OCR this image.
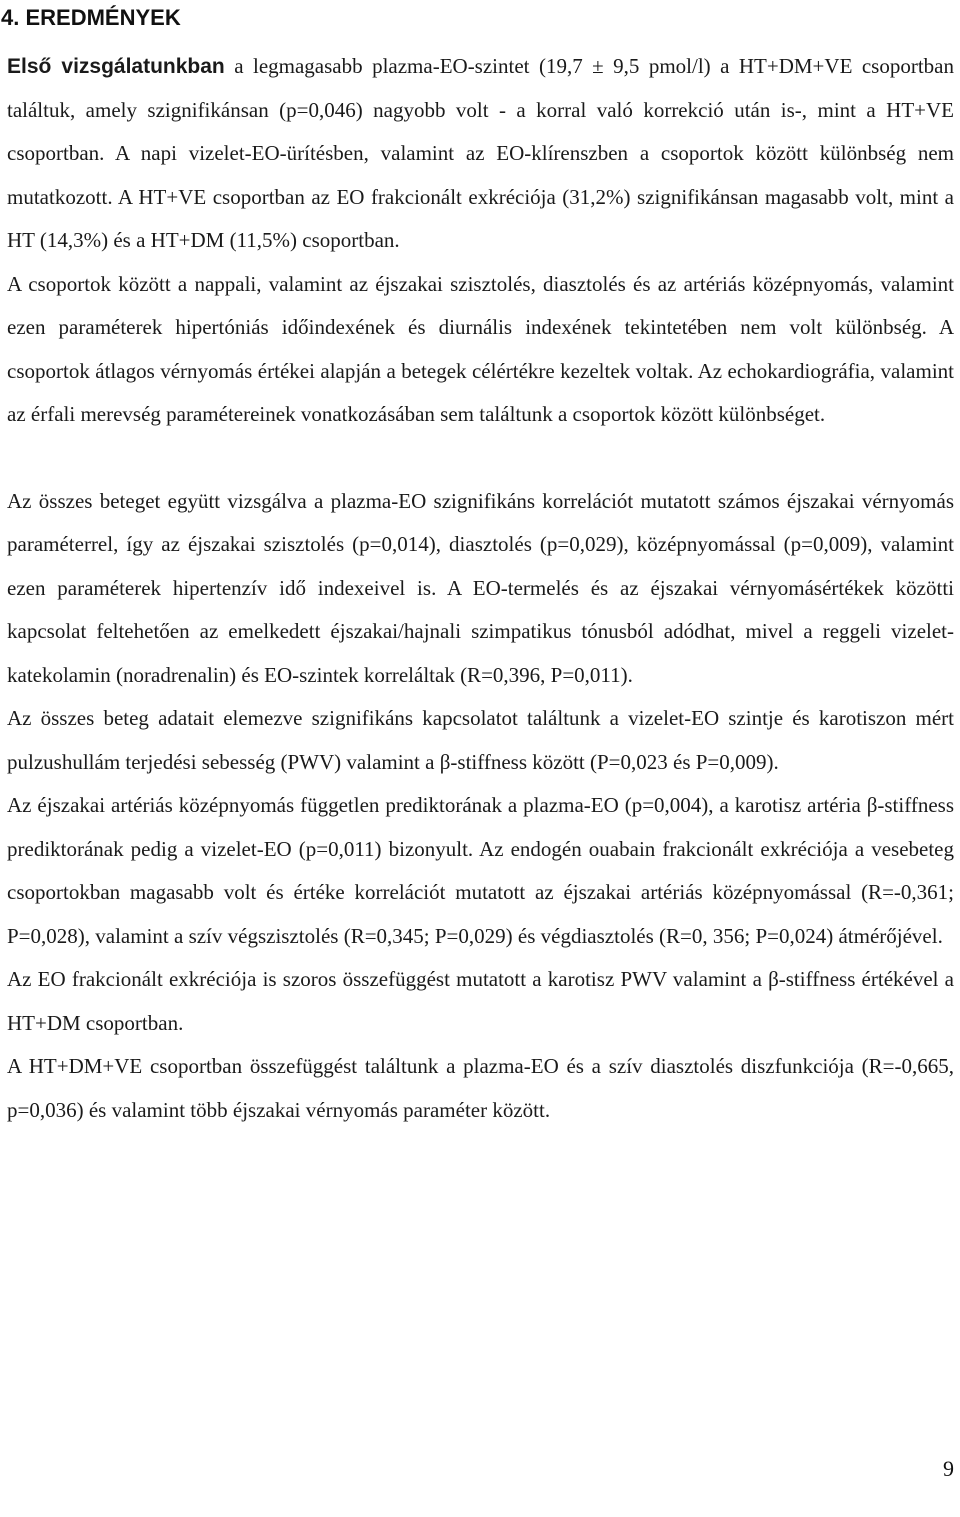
4. EREDMÉNYEK

Első vizsgálatunkban a legmagasabb plazma-EO-szintet (19,7 ± 9,5 pmol/l) a HT+DM+VE csoportban találtuk, amely szignifikánsan (p=0,046) nagyobb volt - a korral való korrekció után is-, mint a HT+VE csoportban. A napi vizelet-EO-ürítésben, valamint az EO-klírenszben a csoportok között különbség nem mutatkozott. A HT+VE csoportban az EO frakcionált exkréciója (31,2%) szignifikánsan magasabb volt, mint a HT (14,3%) és a HT+DM (11,5%) csoportban.

A csoportok között a nappali, valamint az éjszakai szisztolés, diasztolés és az artériás középnyomás, valamint ezen paraméterek hipertóniás időindexének és diurnális indexének tekintetében nem volt különbség. A csoportok átlagos vérnyomás értékei alapján a betegek célértékre kezeltek voltak. Az echokardiográfia, valamint az érfali merevség paramétereinek vonatkozásában sem találtunk a csoportok között különbséget.

Az összes beteget együtt vizsgálva a plazma-EO szignifikáns korrelációt mutatott számos éjszakai vérnyomás paraméterrel, így az éjszakai szisztolés (p=0,014), diasztolés (p=0,029), középnyomással (p=0,009), valamint ezen paraméterek hipertenzív idő indexeivel is. A EO-termelés és az éjszakai vérnyomásértékek közötti kapcsolat feltehetően az emelkedett éjszakai/hajnali szimpatikus tónusból adódhat, mivel a reggeli vizelet-katekolamin (noradrenalin) és EO-szintek korreláltak (R=0,396, P=0,011).

Az összes beteg adatait elemezve szignifikáns kapcsolatot találtunk a vizelet-EO szintje és karotiszon mért pulzushullám terjedési sebesség (PWV) valamint a β-stiffness között (P=0,023 és P=0,009).

Az éjszakai artériás középnyomás független prediktorának a plazma-EO (p=0,004), a karotisz artéria β-stiffness prediktorának pedig a vizelet-EO (p=0,011) bizonyult. Az endogén ouabain frakcionált exkréciója a vesebeteg csoportokban magasabb volt és értéke korrelációt mutatott az éjszakai artériás középnyomással (R=-0,361; P=0,028), valamint a szív végszisztolés (R=0,345; P=0,029) és végdiasztolés (R=0, 356; P=0,024) átmérőjével.

Az EO frakcionált exkréciója is szoros összefüggést mutatott a karotisz PWV valamint a β-stiffness értékével a HT+DM csoportban.

A HT+DM+VE csoportban összefüggést találtunk a plazma-EO és a szív diasztolés diszfunkciója (R=-0,665, p=0,036) és valamint több éjszakai vérnyomás paraméter között.

9
